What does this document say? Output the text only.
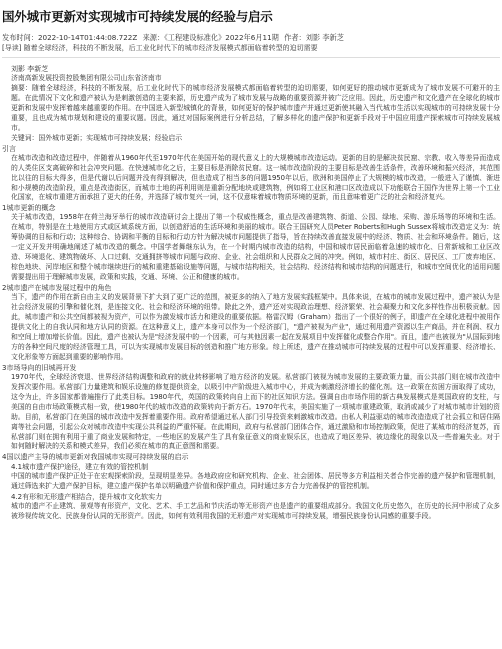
国外城市更新对实现城市可持续发展的经验与启示
发布时间：2022-10-14T01:44:08.722Z 来源：《工程建设标准化》2022年6月11期 作者：刘影 李新芝
[导读] 随着全球经济，科技的不断发展，后工业化时代下的城市经济发展模式都面临着转型的迫切需要
刘影 李新芝

济南高新发展投资控股集团有限公司山东省济南市

摘要：随着全球经济，科技的不断发展，后工业化时代下的城市经济发展模式都面临着转型的迫切需要，如何更好的推动城市更新成为了城市发展不可避开的主题。在此情况下文化和遗产被认为是刺激创造的主要来源，历史遗产成为了城市发展与战略的重要资源并被广泛应用。因此，历史遗产和文化遗产在全球化的城市更新和发展中发挥着越来越重要的作用。在中国进入新型城镇化的背景，如何更好的保护城市遗产并通过更新使其融入当代城市生活以实现城市的可持续发展十分重要，且也成为城市规划和建设的重要议题。因此，通过对国际案例进行分析总结，了解多样化的遗产保护和更新手段对于中国应用遗产探索城市可持续发展城市。

关键词：国外城市更新；实现城市可持续发展；经验启示

引言

在城市改造和改造过程中，伴随着从1960年代至1970年代在美国开始的现代意义上的大规模城市改造运动。更新的目的是解决贫民窟、宗教、收入等差异而造成的人类住区支离破碎和社会冲突问题。在快速城市化之后，主要目标是消除贫民窟。这一城市改造阶段的主要目标是改善生活条件，改善环境和振兴经济，其范围比以往的目标大得多，但是代谢以后问题并没有得到解决，但也造成了相当多的问题1950年以后，欧洲和美国停止了大规模的城市改造，一般进入了谨慎、渐进和小规模的改造阶段，重点是改造街区，而城市土地的再利用则是重新分配地块或建筑物，例如将工业区和港口区改造成以下功能联合王国作为世界上第一个工业化国家，在城市重建方面承担了更大的任务，并选择了城市复兴一词，这不仅意味着城市物质环境的更新，而且意味着更广泛的社会和经济复兴。

1城市更新的概念

关于城市改造，1958年在荷兰海牙举行的城市改造研讨会上提出了第一个权威性概念，重点是改善建筑物、街道、公园、绿地、采购、游乐场等的环境和生活。在城市，特别是在土地使用方式或区域系统方面，以创造舒适的生活环境和美丽的城市。联合王国研究人员Peter Roberts和Hugh Sussex将城市改造定义为：统筹协调的目标和行动；这种综合、协调和平衡的目标和行动方针为解决城市问题提供了指导，旨在持续改善直接发展中的经济、物质、社会和环境条件。随后，这一定义开发并明确地阐述了城市改造的概念。中国学者舞继东认为，在一个时期内城市改造的结构，中国和城市居民面临着急速的城市化、日常新城和工业区改造、环境退化、建筑物破坏、人口过剩、交通拥挤等城市问题与政府、企业、社会组织和人民群众之间的冲突。例如，城市村庄、街区、居民区、工厂废弃地区、棕色地块、河岸地区和整个城市继续进行的城和重建基础设施等问题，与城市结构相关，社会结构、经济结构和城市结构的问题进行，和城市空间优化的适用问题需要提出用于理解城市发展，政策和实践，交通、环境、公正和健康的城市。

2城市遗产在城市发展过程中的角色

当下，遗产的作用在新自由主义的发展背景下扩大到了更广泛的范围，被更多的纳入了地方发展实践框架中。具体来说，在城市的城市发展过程中，遗产被认为是社会经济发展的引擎和催化剂，是连接文化、社会和经济环境的纽带。除此之外，遗产还对实现政治理想、经济繁荣、社会凝聚力和文化多样性作出积极贡献。因此，城市遗产和公共空间都被视为资产，可以作为激发城市活力和建设的重要依据。格雷汉姆（Graham）指出了一个很好的例子，即遗产在全球化进程中被用作提供文化上的自我认同和地方认同的资源。在这种意义上，遗产本身可以作为一个经济部门，"遗产被视为产业"，通过利用遗产资源以生产商品，并在利润、权力和空间上增加增长价值。因此，遗产也被认为是"经济发展中的一个因素，可与其他因素一起在发展项目中发挥催化或整合作用"。而且，遗产也被视为"从国际到地方的各种空间尺度的经济管理工具，可以为实现城市发展目标的创造和推广地方形象。综上所述，遗产在推动城市可持续发展的过程中可以发挥重要、经济增长、文化形象等方面起到重要的影响作用。

3市场导向的旧城再开发

1970年代，全球经济衰退、世界经济结构调整和政府的就业转移影响了地方经济的发展。私营部门被视为城市发展的主要政策力量，而公共部门则在城市改造中发挥次要作用。私营部门力量建筑和娱乐设施的修复提供资金，以吸引中产阶级进入城市中心，并成为刺激经济增长的催化剂。这一政策在贫困方面取得了成功，这令为止，许多国家都普遍推行了此类目标。1980年代，英国的政策转向自上而下的社区知识方法。强调自由市场作用的新古典发展模式是英国政府的支柱，与美国的自由市场政策模式相一致，使1980年代的城市改造的政策转向于新方石。1970年代末，美国实施了一项城市重建政策，取消或减少了对城市城市计划的资助。目前，私营部门在美国的城市改造中发挥着重要作用。政府希望通过私人部门引导投资来刺激城市改造。由私人利益驱动的城市改造造成了社会孤立和居住隔离等社会问题，引起公众对城市改造中实现公共利益的严重怀疑。在此期间，政府与私营部门团体合作，通过激励和市场控制政策，促进了某城市的经济复苏，而私营部门则在拥有利用于重了商业发展和特定，一些地区的发展产生了具有象征意义的商业娱乐区，也造成了地区差异、被边缘化的现象以及一些普遍失业。对于如何随时解决的关系和模式差异，我们必须在城市的真正意图和需要。

4国以遗产主导的城市更新对我国城市实现可持续发展的启示
4.1城市遗产保护途径，建立有效的管控机制

中国的城市遗产保护正处于在宏观探索阶段，呈现明显差异。各地政府应和研究机构、企业、社会团体、居民等多方利益相关者合作完善的遗产保护和管理机制，通过筛选来扩大遗产保护目标，建立遗产保护名单以明确遗产价值和保护重点，同时通过多方合力完善保护的管控机制。

4.2有形和无形遗产相结合，提升城市文化软实力

城市的遗产不止建筑、景观等有形资产，文化、艺术、手工艺品和节庆活动等无形资产也是遗产的重要组成部分。我国文化历史悠久，在历史的长河中形成了众多被珍视传统文化、民族身份认同的无形资产。因此，如何有效利用我国的无形遗产对实现城市可持续发展，增强民族身份认同感的重要手段。
